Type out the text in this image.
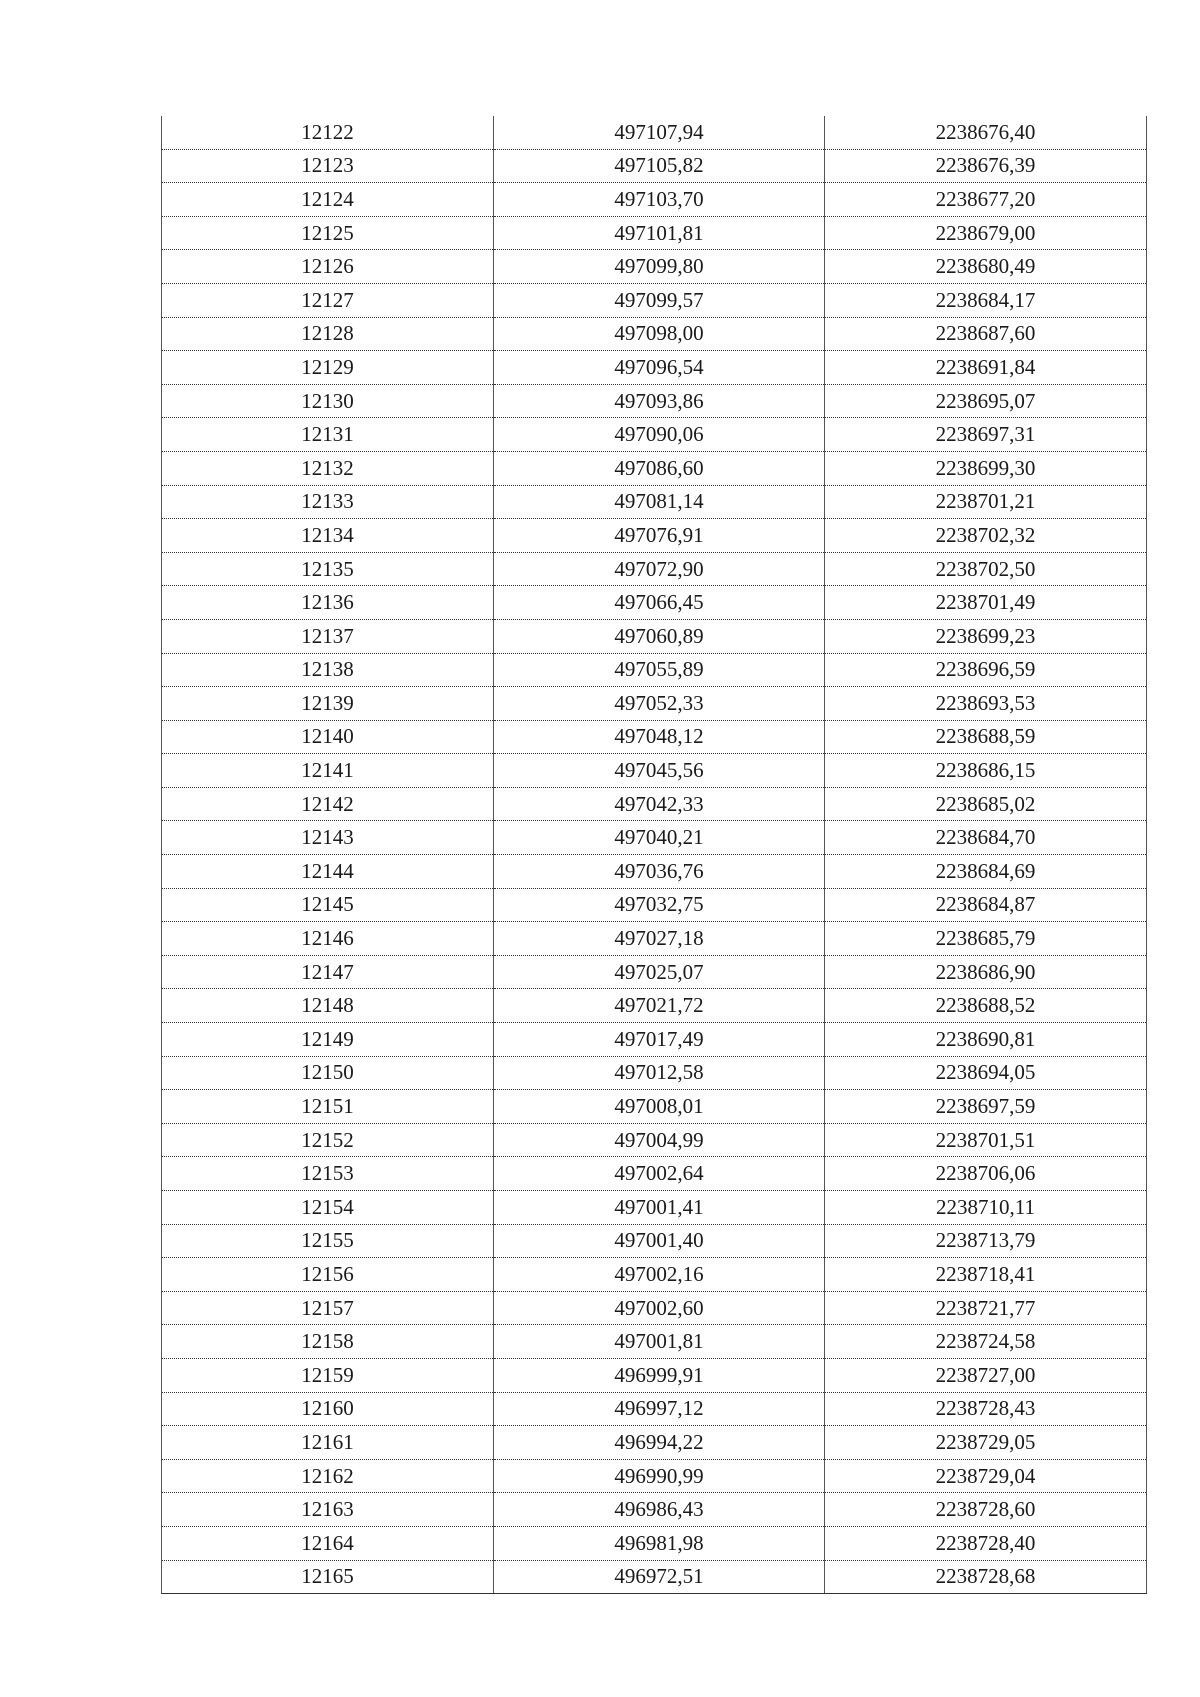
12122	497107,94	2238676,40
12123	497105,82	2238676,39
12124	497103,70	2238677,20
12125	497101,81	2238679,00
12126	497099,80	2238680,49
12127	497099,57	2238684,17
12128	497098,00	2238687,60
12129	497096,54	2238691,84
12130	497093,86	2238695,07
12131	497090,06	2238697,31
12132	497086,60	2238699,30
12133	497081,14	2238701,21
12134	497076,91	2238702,32
12135	497072,90	2238702,50
12136	497066,45	2238701,49
12137	497060,89	2238699,23
12138	497055,89	2238696,59
12139	497052,33	2238693,53
12140	497048,12	2238688,59
12141	497045,56	2238686,15
12142	497042,33	2238685,02
12143	497040,21	2238684,70
12144	497036,76	2238684,69
12145	497032,75	2238684,87
12146	497027,18	2238685,79
12147	497025,07	2238686,90
12148	497021,72	2238688,52
12149	497017,49	2238690,81
12150	497012,58	2238694,05
12151	497008,01	2238697,59
12152	497004,99	2238701,51
12153	497002,64	2238706,06
12154	497001,41	2238710,11
12155	497001,40	2238713,79
12156	497002,16	2238718,41
12157	497002,60	2238721,77
12158	497001,81	2238724,58
12159	496999,91	2238727,00
12160	496997,12	2238728,43
12161	496994,22	2238729,05
12162	496990,99	2238729,04
12163	496986,43	2238728,60
12164	496981,98	2238728,40
12165	496972,51	2238728,68
